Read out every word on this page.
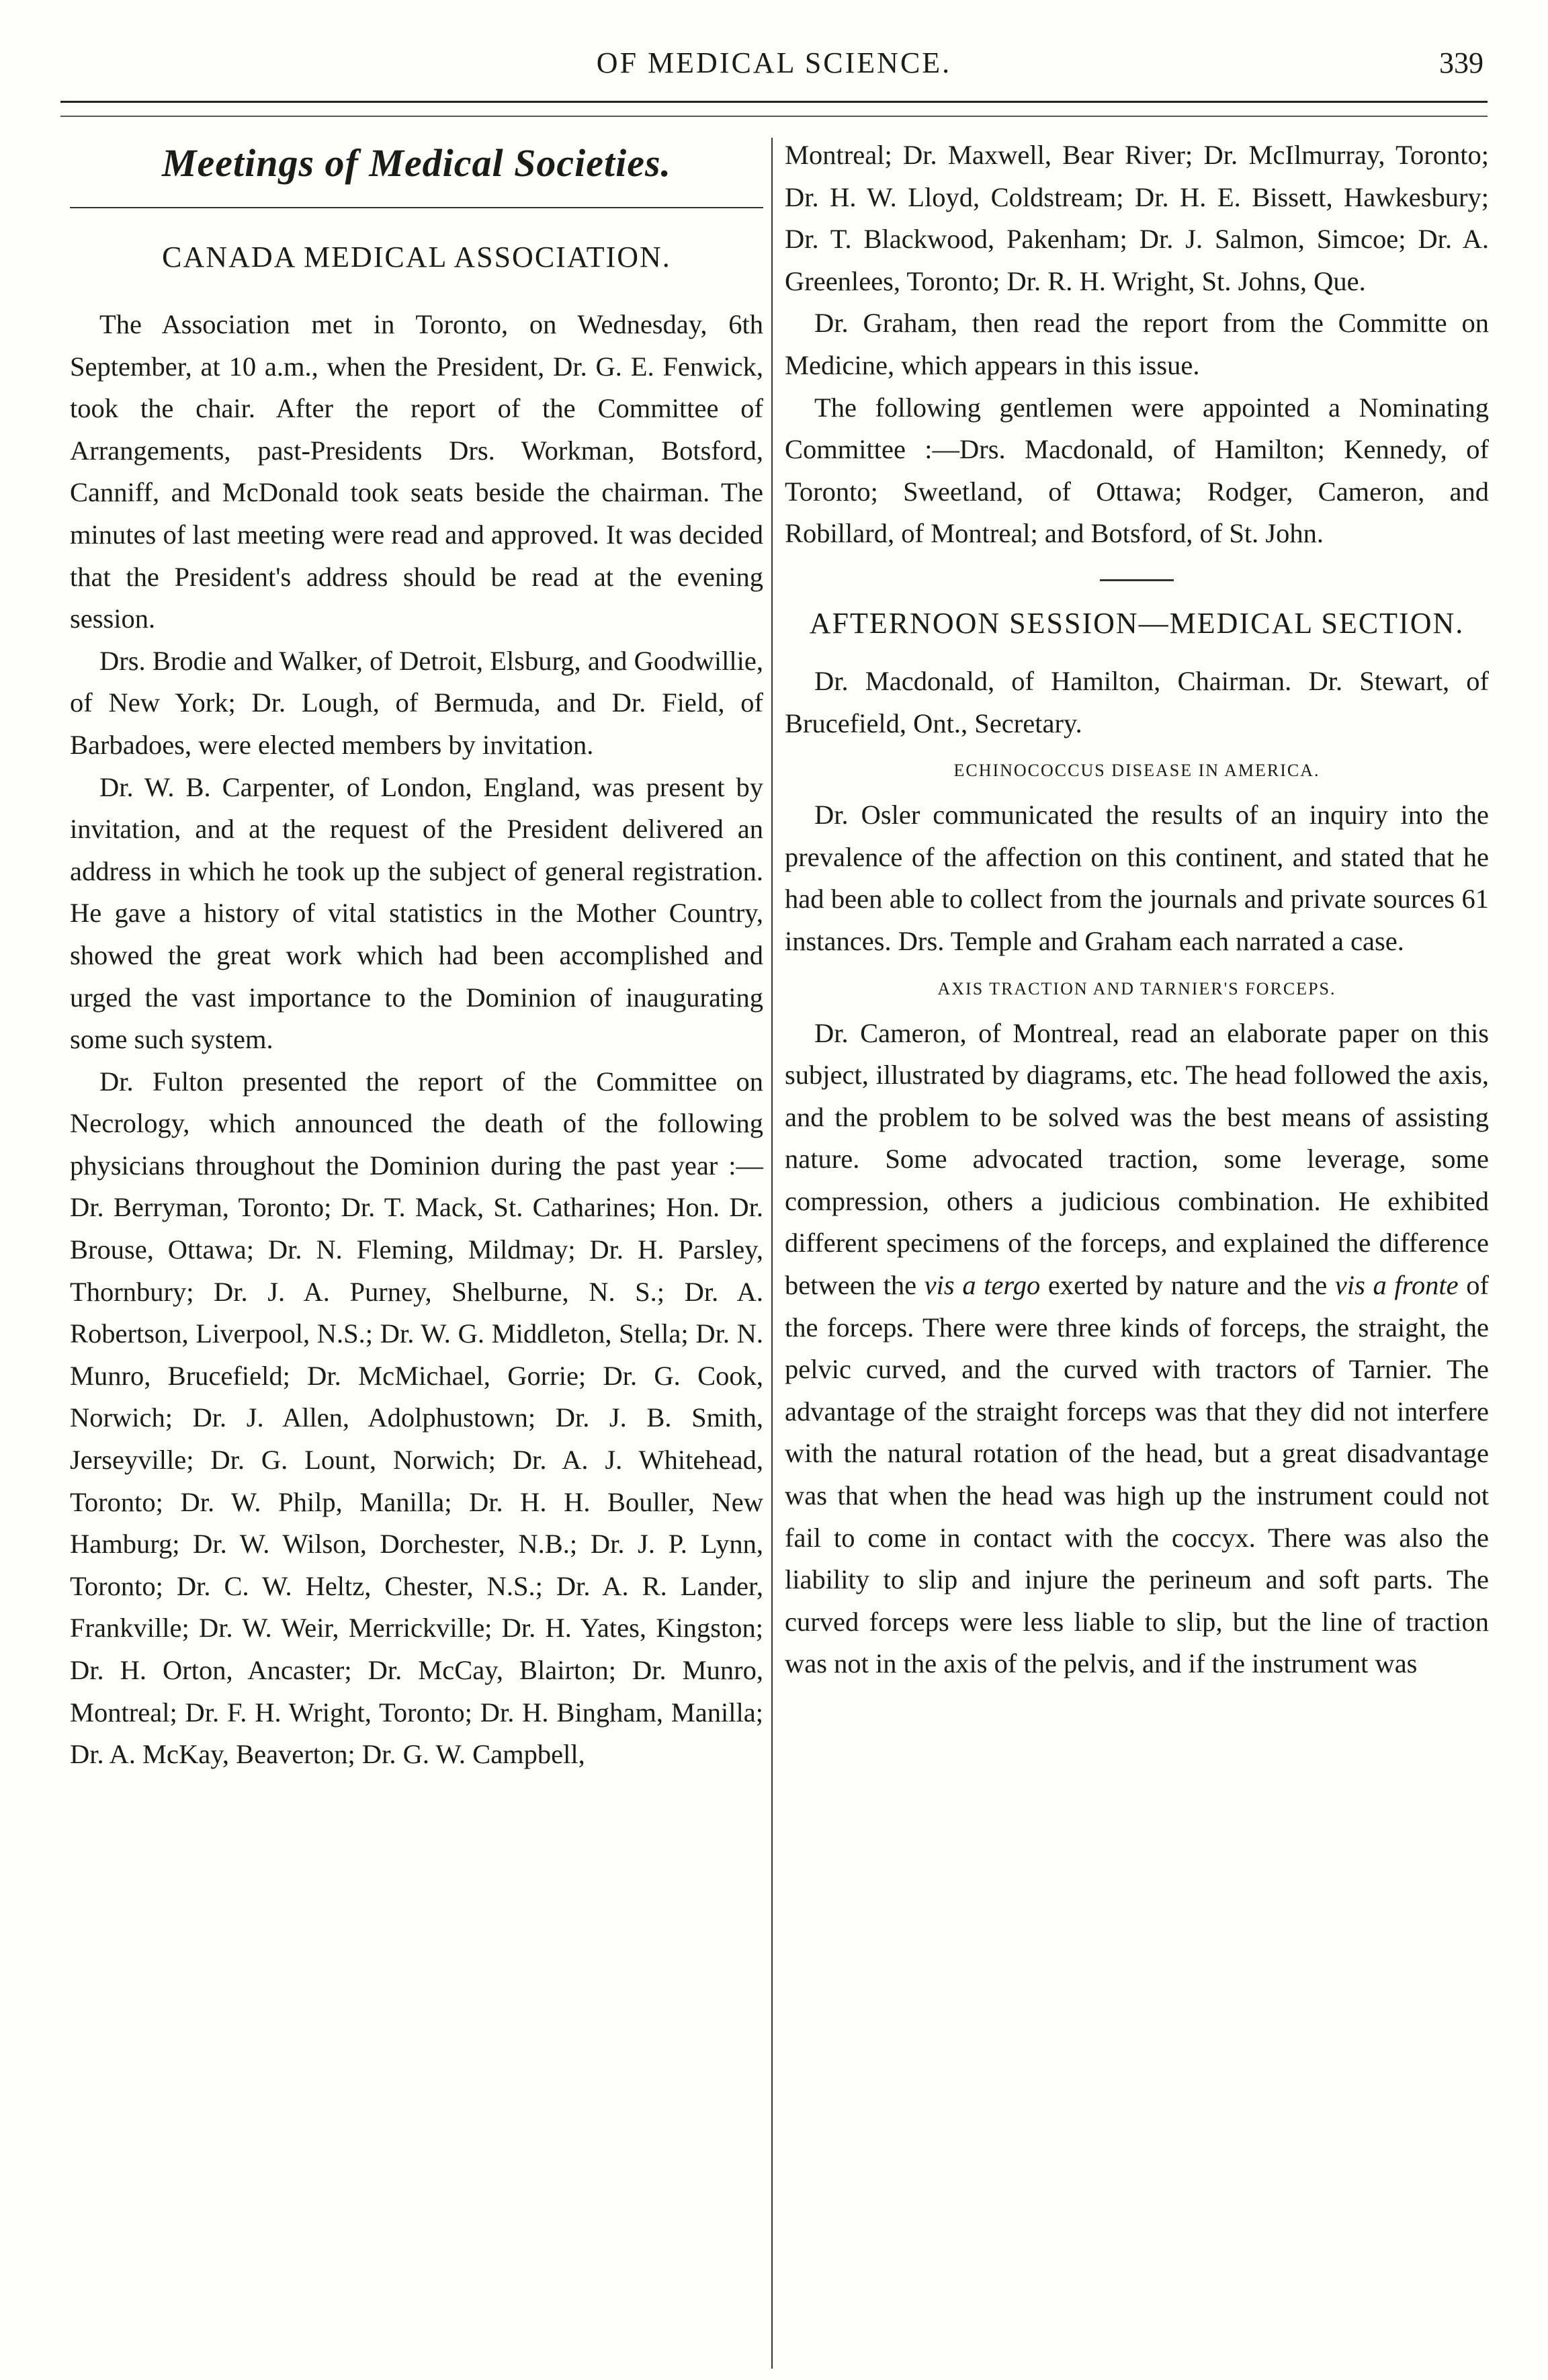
OF MEDICAL SCIENCE.	339
Meetings of Medical Societies.
CANADA MEDICAL ASSOCIATION.

The Association met in Toronto, on Wednesday, 6th September, at 10 a.m., when the President, Dr. G. E. Fenwick, took the chair. After the report of the Committee of Arrangements, past-Presidents Drs. Workman, Botsford, Canniff, and McDonald took seats beside the chairman. The minutes of last meeting were read and approved. It was decided that the President's address should be read at the evening session.

Drs. Brodie and Walker, of Detroit, Elsburg, and Goodwillie, of New York; Dr. Lough, of Bermuda, and Dr. Field, of Barbadoes, were elected members by invitation.

Dr. W. B. Carpenter, of London, England, was present by invitation, and at the request of the President delivered an address in which he took up the subject of general registration. He gave a history of vital statistics in the Mother Country, showed the great work which had been accomplished and urged the vast importance to the Dominion of inaugurating some such system.

Dr. Fulton presented the report of the Committee on Necrology, which announced the death of the following physicians throughout the Dominion during the past year :—Dr. Berryman, Toronto; Dr. T. Mack, St. Catharines; Hon. Dr. Brouse, Ottawa; Dr. N. Fleming, Mildmay; Dr. H. Parsley, Thornbury; Dr. J. A. Purney, Shelburne, N. S.; Dr. A. Robertson, Liverpool, N.S.; Dr. W. G. Middleton, Stella; Dr. N. Munro, Brucefield; Dr. McMichael, Gorrie; Dr. G. Cook, Norwich; Dr. J. Allen, Adolphustown; Dr. J. B. Smith, Jerseyville; Dr. G. Lount, Norwich; Dr. A. J. Whitehead, Toronto; Dr. W. Philp, Manilla; Dr. H. H. Bouller, New Hamburg; Dr. W. Wilson, Dorchester, N.B.; Dr. J. P. Lynn, Toronto; Dr. C. W. Heltz, Chester, N.S.; Dr. A. R. Lander, Frankville; Dr. W. Weir, Merrickville; Dr. H. Yates, Kingston; Dr. H. Orton, Ancaster; Dr. McCay, Blairton; Dr. Munro, Montreal; Dr. F. H. Wright, Toronto; Dr. H. Bingham, Manilla; Dr. A. McKay, Beaverton; Dr. G. W. Campbell,

Montreal; Dr. Maxwell, Bear River; Dr. McIlmurray, Toronto; Dr. H. W. Lloyd, Coldstream; Dr. H. E. Bissett, Hawkesbury; Dr. T. Blackwood, Pakenham; Dr. J. Salmon, Simcoe; Dr. A. Greenlees, Toronto; Dr. R. H. Wright, St. Johns, Que.

Dr. Graham, then read the report from the Committe on Medicine, which appears in this issue.

The following gentlemen were appointed a Nominating Committee :—Drs. Macdonald, of Hamilton; Kennedy, of Toronto; Sweetland, of Ottawa; Rodger, Cameron, and Robillard, of Montreal; and Botsford, of St. John.

AFTERNOON SESSION—MEDICAL SECTION.

Dr. Macdonald, of Hamilton, Chairman. Dr. Stewart, of Brucefield, Ont., Secretary.

ECHINOCOCCUS DISEASE IN AMERICA.

Dr. Osler communicated the results of an inquiry into the prevalence of the affection on this continent, and stated that he had been able to collect from the journals and private sources 61 instances. Drs. Temple and Graham each narrated a case.

AXIS TRACTION AND TARNIER'S FORCEPS.

Dr. Cameron, of Montreal, read an elaborate paper on this subject, illustrated by diagrams, etc. The head followed the axis, and the problem to be solved was the best means of assisting nature. Some advocated traction, some leverage, some compression, others a judicious combination. He exhibited different specimens of the forceps, and explained the difference between the vis a tergo exerted by nature and the vis a fronte of the forceps. There were three kinds of forceps, the straight, the pelvic curved, and the curved with tractors of Tarnier. The advantage of the straight forceps was that they did not interfere with the natural rotation of the head, but a great disadvantage was that when the head was high up the instrument could not fail to come in contact with the coccyx. There was also the liability to slip and injure the perineum and soft parts. The curved forceps were less liable to slip, but the line of traction was not in the axis of the pelvis, and if the instrument was
